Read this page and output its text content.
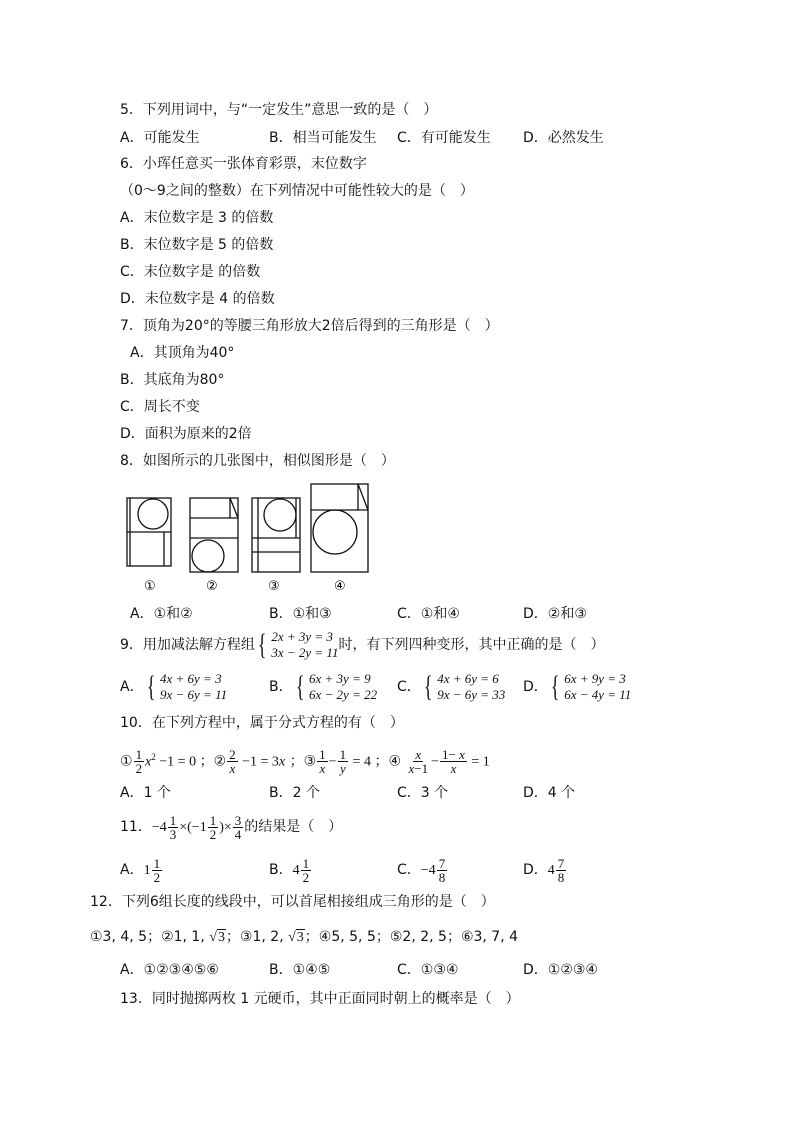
5．下列用词中，与“一定发生”意思一致的是（　）
A．可能发生	B．相当可能发生 C．有可能发生 D．必然发生
6．小珲任意买一张体育彩票，末位数字
（0～9之间的整数）在下列情况中可能性较大的是（　）
A．末位数字是 3 的倍数
B．末位数字是 5 的倍数
C．末位数字是 的倍数
D．未位数字是 4 的倍数
7．顶角为20°的等腰三角形放大2倍后得到的三角形是（　）
A．其顶角为40°
B．其底角为80°
C．周长不变
D．面积为原来的2倍
8．如图所示的几张图中，相似图形是（　）
①	②	③	④
A．①和②	B．①和③	C．①和④	D．②和③
9．用加减法解方程组 { 2x + 3y = 3
3x − 2y = 11 时，有下列四种变形，其中正确的是（　）
A． { 4x + 6y = 3
9x − 6y = 11	B． { 6x + 3y = 9
6x − 2y = 22 C． { 4x + 6y = 6
9x − 6y = 33 D． { 6x + 9y = 3
6x − 4y = 11
10．在下列方程中，属于分式方程的有（　）
① $\frac{1}{2} x^2 -1 = 0$ ；② $\frac{2}{x} -1 = 3x$ ；③ $\frac{1}{x} - \frac{1}{y} = 4$ ；④ $\frac{x}{x-1} - \frac{1- x}{x} = 1$
A．1 个	B．2 个	C．3 个	D．4 个
11．$-4 \frac{1}{3} \times(-1 \frac{1}{2}$ )× $\frac{3}{4}$ 的结果是（　）
A．$1 \frac{1}{2}$	B．$4 \frac{1}{2}$	C．$-4 \frac{7}{8}$	D．$4 \frac{7}{8}$
12．下列6组长度的线段中，可以首尾相接组成三角形的是（　）
①3, 4, 5；②1, 1, √3；③1, 2, √3；④5, 5, 5；⑤2, 2, 5；⑥3, 7, 4
A．①②③④⑤⑥	B．①④⑤	C．①③④	D．①②③④
13．同时抛掷两枚 1 元硬币，其中正面同时朝上的概率是（　）
